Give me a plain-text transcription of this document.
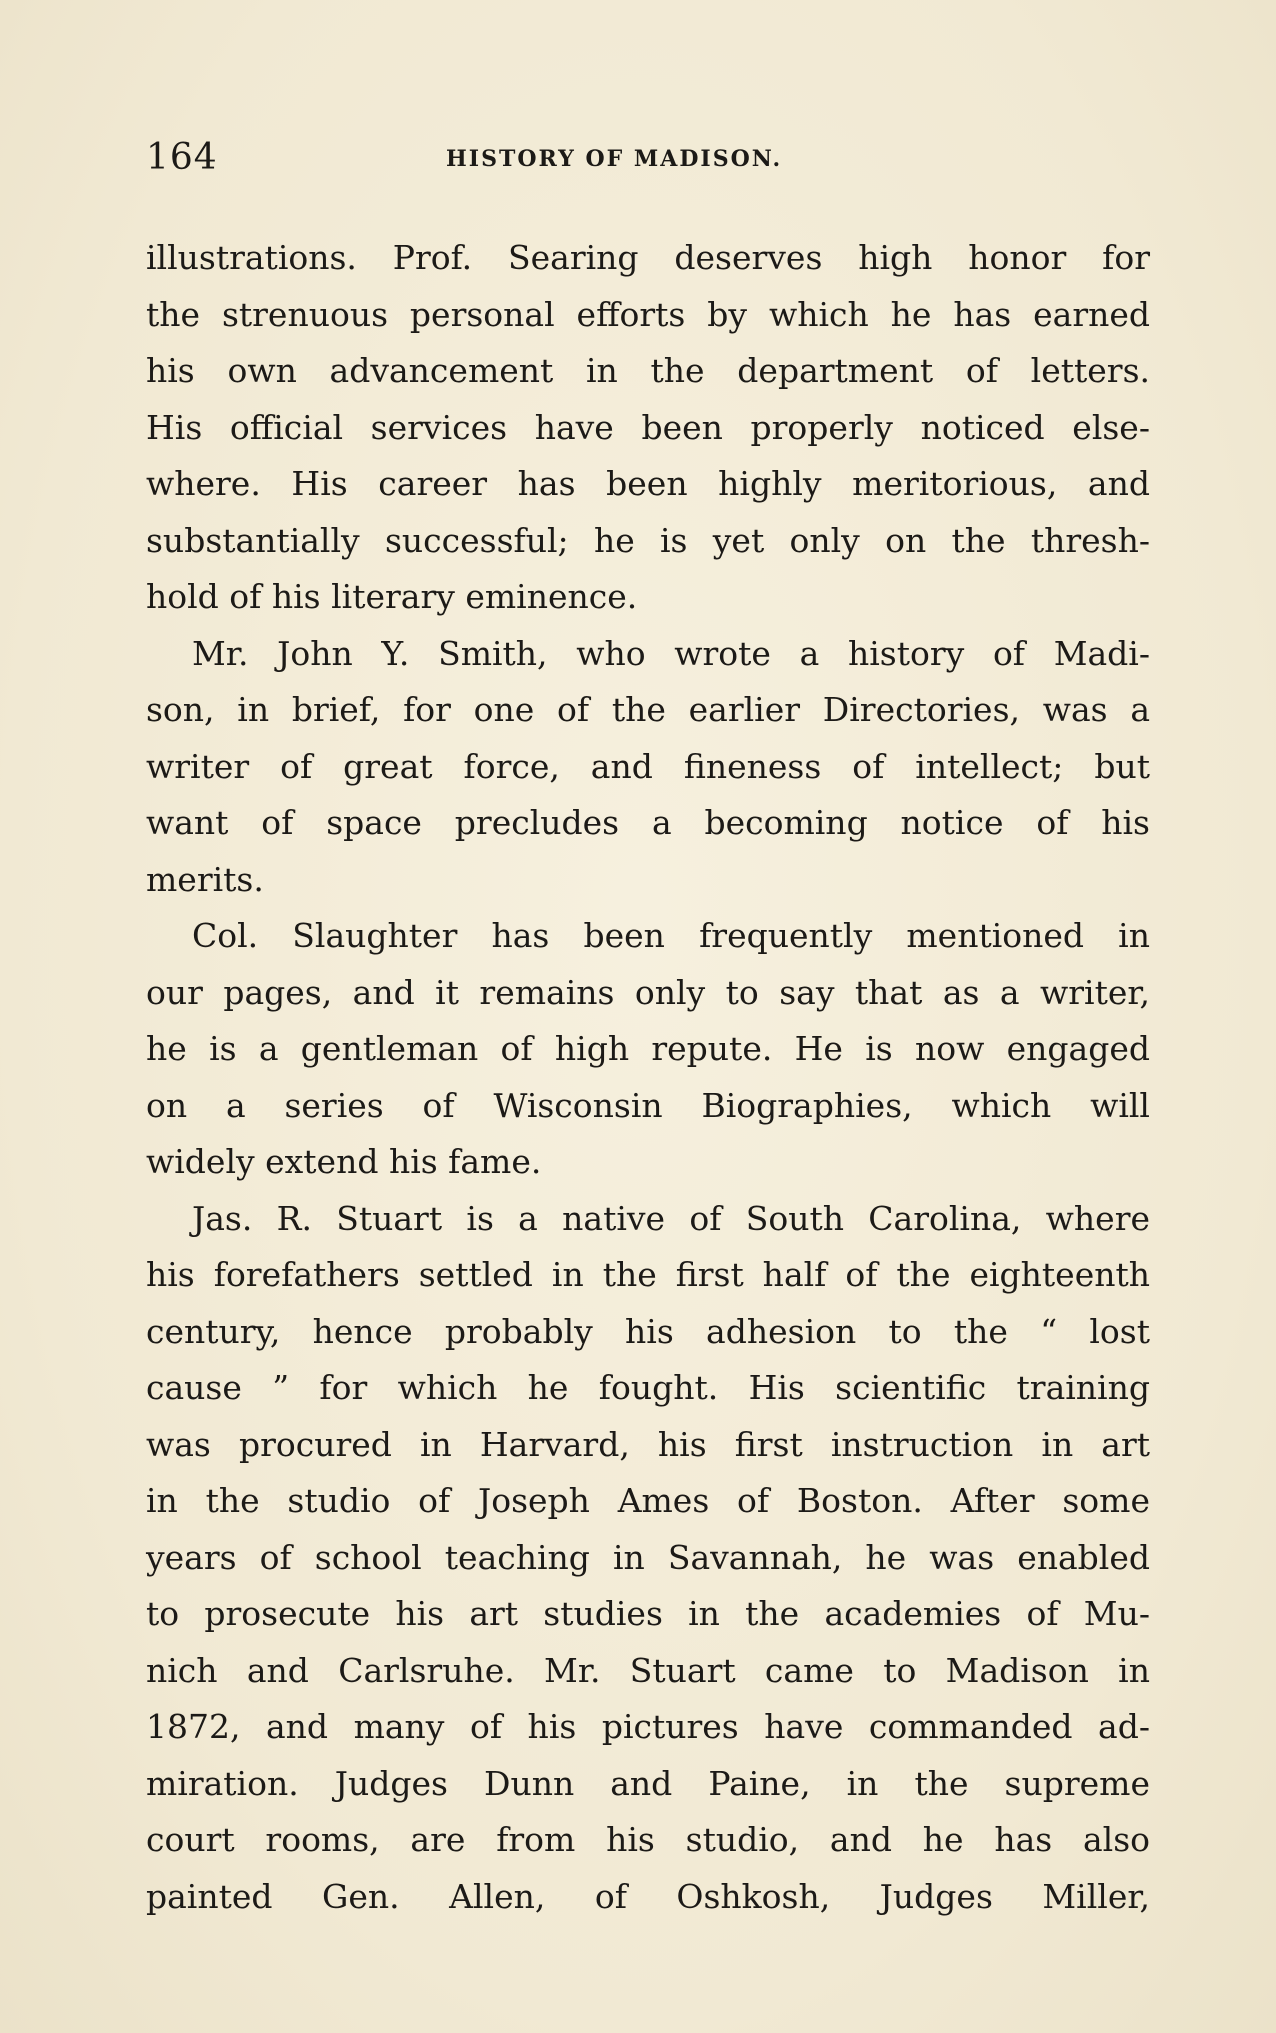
164	HISTORY OF MADISON.
illustrations. Prof. Searing deserves high honor for
the strenuous personal efforts by which he has earned
his own advancement in the department of letters.
His official services have been properly noticed else-
where. His career has been highly meritorious, and
substantially successful; he is yet only on the thresh-
hold of his literary eminence.
Mr. John Y. Smith, who wrote a history of Madi-
son, in brief, for one of the earlier Directories, was a
writer of great force, and fineness of intellect; but
want of space precludes a becoming notice of his
merits.
Col. Slaughter has been frequently mentioned in
our pages, and it remains only to say that as a writer,
he is a gentleman of high repute. He is now engaged
on a series of Wisconsin Biographies, which will
widely extend his fame.
Jas. R. Stuart is a native of South Carolina, where
his forefathers settled in the first half of the eighteenth
century, hence probably his adhesion to the “ lost
cause ” for which he fought. His scientific training
was procured in Harvard, his first instruction in art
in the studio of Joseph Ames of Boston. After some
years of school teaching in Savannah, he was enabled
to prosecute his art studies in the academies of Mu-
nich and Carlsruhe. Mr. Stuart came to Madison in
1872, and many of his pictures have commanded ad-
miration. Judges Dunn and Paine, in the supreme
court rooms, are from his studio, and he has also
painted Gen. Allen, of Oshkosh, Judges Miller,
